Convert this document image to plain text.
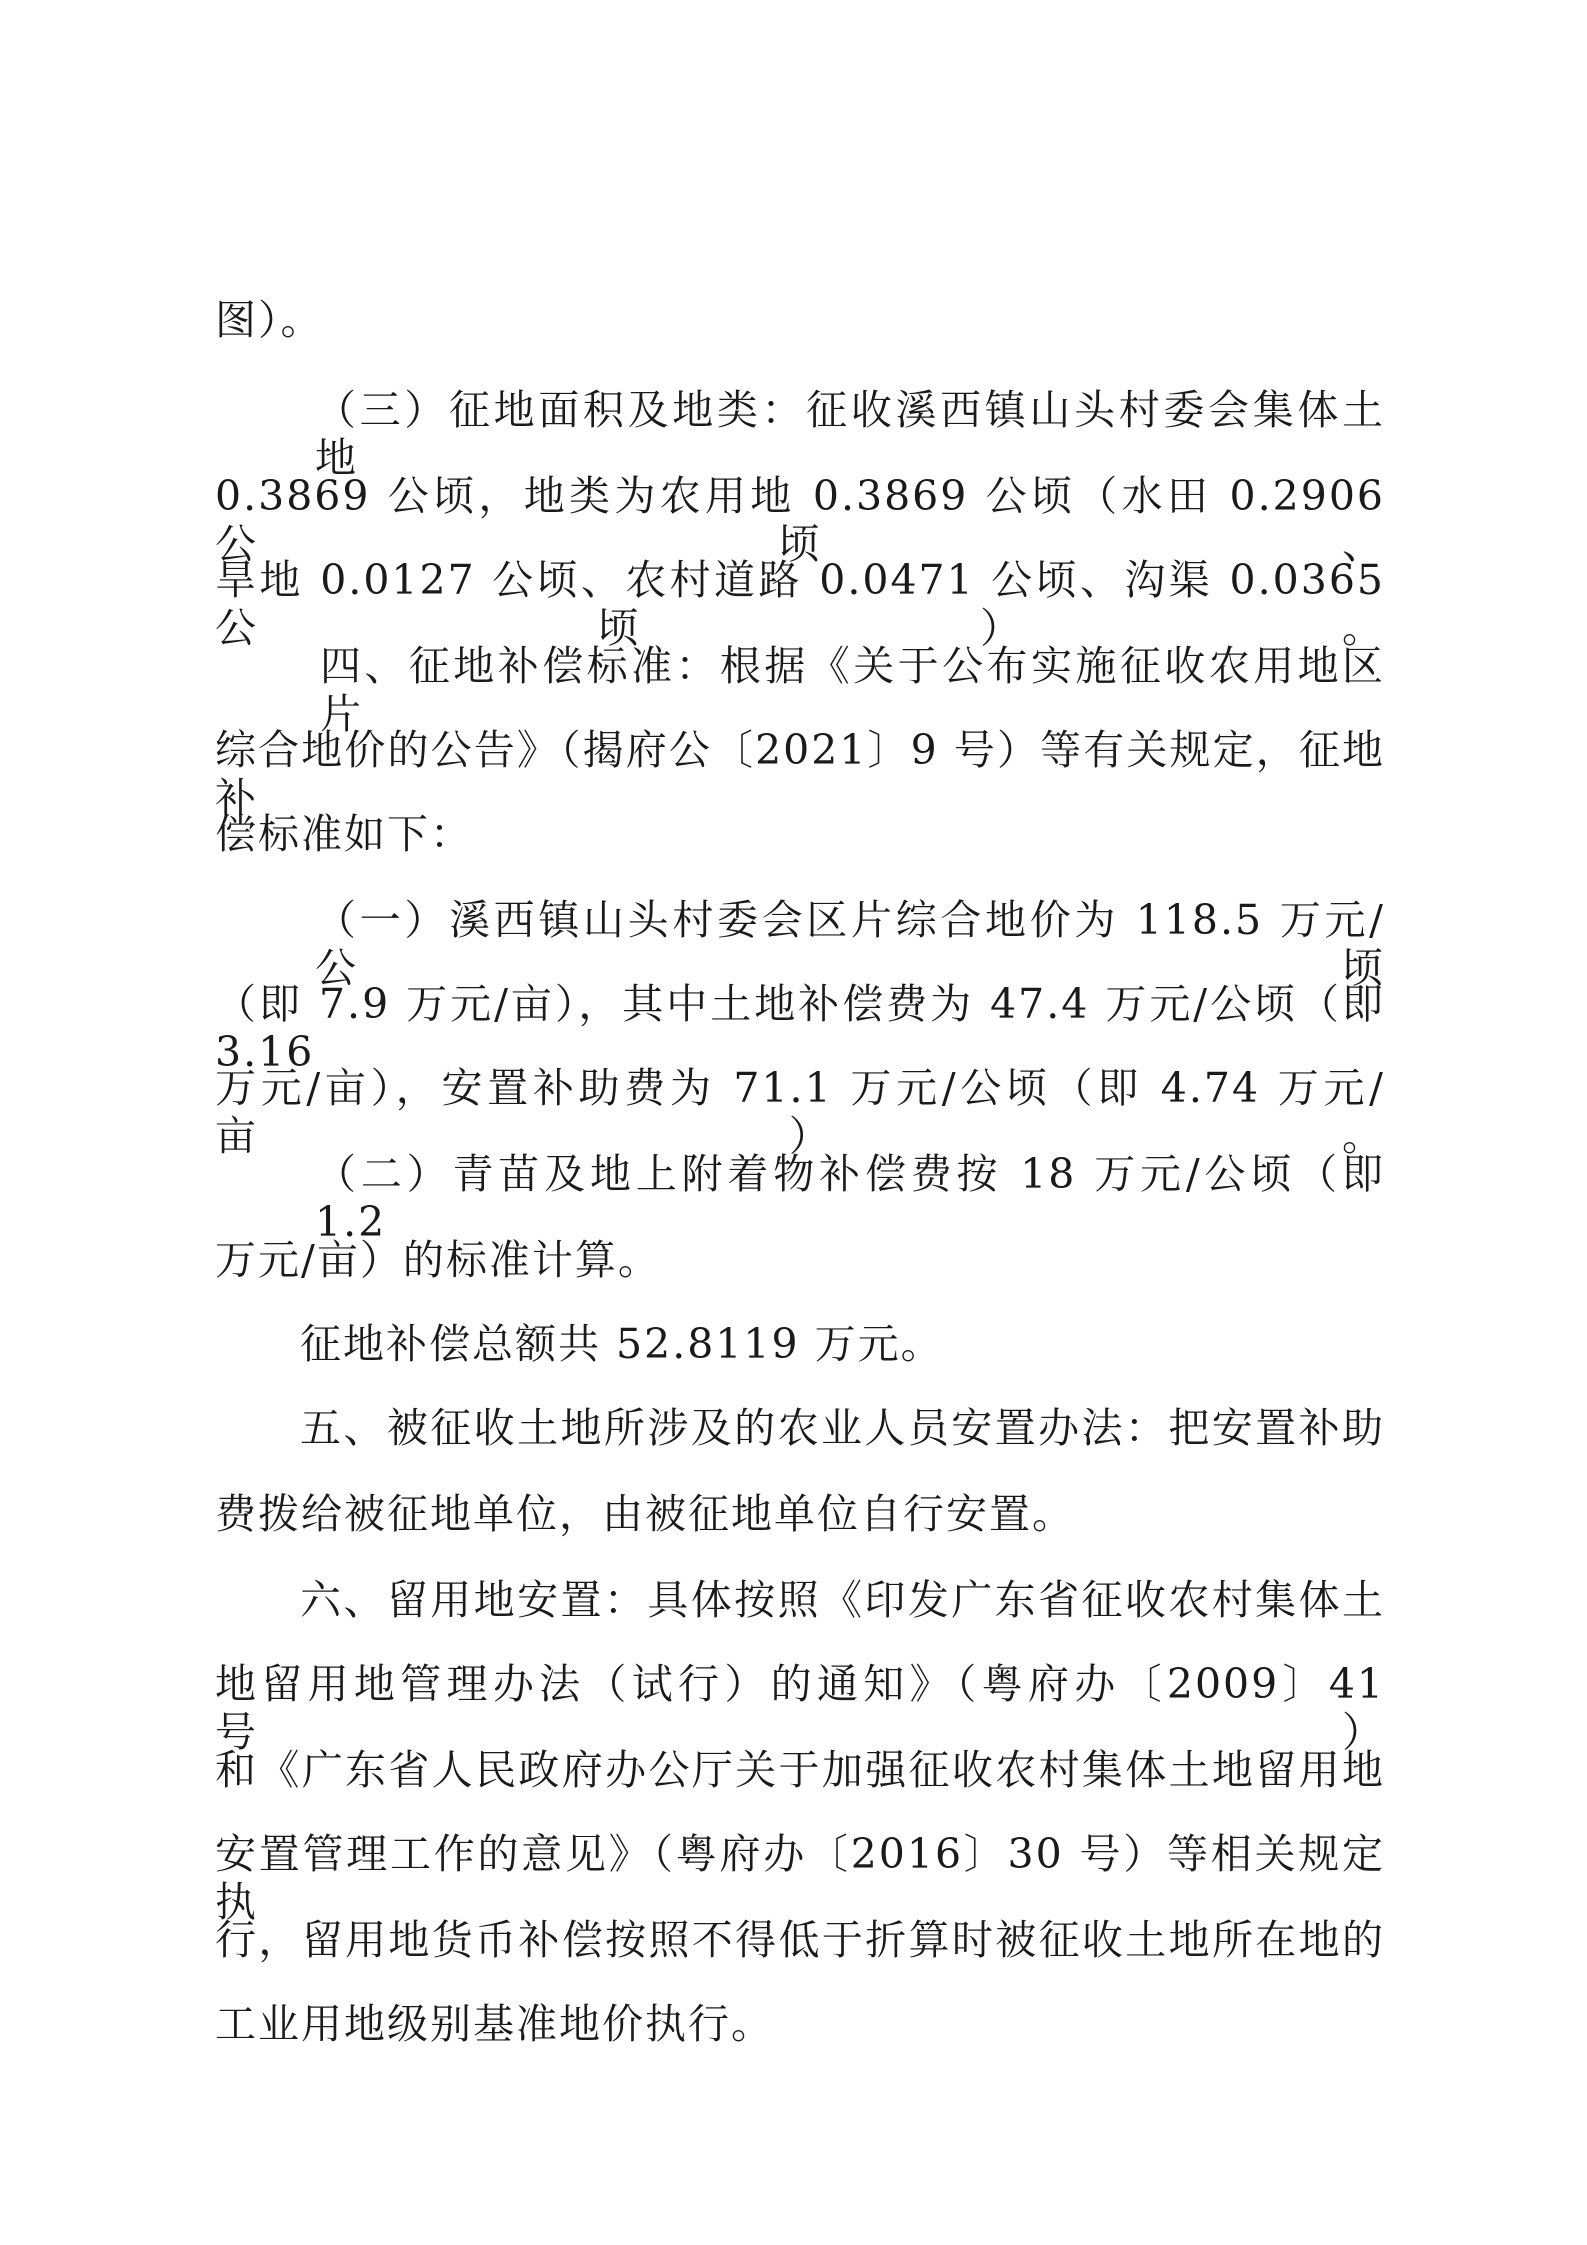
图）。
（三）征地面积及地类：征收溪西镇山头村委会集体土地
0.3869 公顷，地类为农用地 0.3869 公顷（水田 0.2906 公顷、
旱地 0.0127 公顷、农村道路 0.0471 公顷、沟渠 0.0365 公顷）。
四、征地补偿标准：根据《关于公布实施征收农用地区片
综合地价的公告》（揭府公〔2021〕9 号）等有关规定，征地补
偿标准如下：
（一）溪西镇山头村委会区片综合地价为 118.5 万元/公顷
（即 7.9 万元/亩），其中土地补偿费为 47.4 万元/公顷（即 3.16
万元/亩），安置补助费为 71.1 万元/公顷（即 4.74 万元/亩）。
（二）青苗及地上附着物补偿费按 18 万元/公顷（即 1.2
万元/亩）的标准计算。
征地补偿总额共 52.8119 万元。
五、被征收土地所涉及的农业人员安置办法：把安置补助
费拨给被征地单位，由被征地单位自行安置。
六、留用地安置：具体按照《印发广东省征收农村集体土
地留用地管理办法（试行）的通知》（粤府办〔2009〕41 号）
和《广东省人民政府办公厅关于加强征收农村集体土地留用地
安置管理工作的意见》（粤府办〔2016〕30 号）等相关规定执
行，留用地货币补偿按照不得低于折算时被征收土地所在地的
工业用地级别基准地价执行。
